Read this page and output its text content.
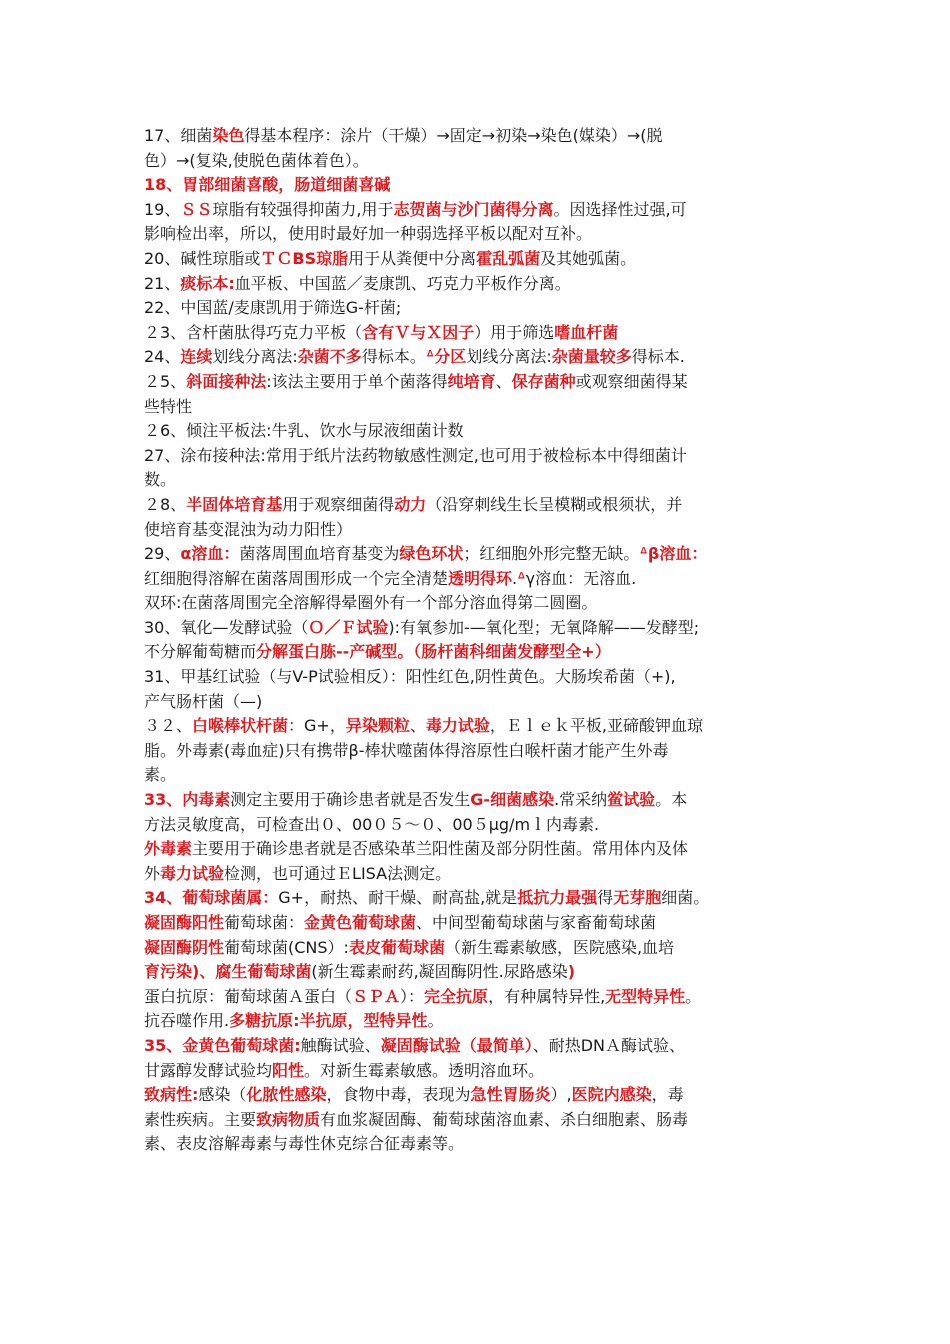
17、细菌染色得基本程序：涂片（干燥）→固定→初染→染色(媒染）→(脱
色）→(复染,使脱色菌体着色）。
18、胃部细菌喜酸，肠道细菌喜碱
19、ＳＳ琼脂有较强得抑菌力,用于志贺菌与沙门菌得分离。因选择性过强,可
影响检出率，所以，使用时最好加一种弱选择平板以配对互补。
20、碱性琼脂或ＴＣBS琼脂用于从粪便中分离霍乱弧菌及其她弧菌。
21、痰标本:血平板、中国蓝／麦康凯、巧克力平板作分离。
22、中国蓝/麦康凯用于筛选G-杆菌;
２3、含杆菌肽得巧克力平板（含有Ｖ与Ｘ因子）用于筛选嗜血杆菌
24、连续划线分离法:杂菌不多得标本。ᐞ分区划线分离法:杂菌量较多得标本.
２5、斜面接种法:该法主要用于单个菌落得纯培育、保存菌种或观察细菌得某
些特性
２6、倾注平板法:牛乳、饮水与尿液细菌计数
27、涂布接种法:常用于纸片法药物敏感性测定,也可用于被检标本中得细菌计
数。
２8、半固体培育基用于观察细菌得动力（沿穿刺线生长呈模糊或根须状，并
使培育基变混浊为动力阳性）
29、α溶血：菌落周围血培育基变为绿色环状；红细胞外形完整无缺。ᐞβ溶血：
红细胞得溶解在菌落周围形成一个完全清楚透明得环.ᐞγ溶血：无溶血.
双环:在菌落周围完全溶解得晕圈外有一个部分溶血得第二圆圈。
30、氧化—发酵试验（Ｏ／Ｆ试验):有氧参加-—氧化型；无氧降解——发酵型;
不分解葡萄糖而分解蛋白胨--产碱型。（肠杆菌科细菌发酵型全+）
31、甲基红试验（与V-P试验相反）：阳性红色,阴性黄色。大肠埃希菌（+),
产气肠杆菌（—)
３２、白喉棒状杆菌：G+，异染颗粒、毒力试验，Ｅｌｅｋ平板,亚碲酸钾血琼
脂。外毒素(毒血症)只有携带β-棒状噬菌体得溶原性白喉杆菌才能产生外毒
素。
33、内毒素测定主要用于确诊患者就是否发生G-细菌感染.常采纳鲎试验。本
方法灵敏度高，可检查出０、00０５～０、00５μg/mｌ内毒素.
外毒素主要用于确诊患者就是否感染革兰阳性菌及部分阴性菌。常用体内及体
外毒力试验检测，也可通过ＥLISA法测定。
34、葡萄球菌属：G+，耐热、耐干燥、耐高盐,就是抵抗力最强得无芽胞细菌。
凝固酶阳性葡萄球菌：金黄色葡萄球菌、中间型葡萄球菌与家畜葡萄球菌
凝固酶阴性葡萄球菌(CNS）:表皮葡萄球菌（新生霉素敏感，医院感染,血培
育污染)、腐生葡萄球菌(新生霉素耐药,凝固酶阴性.尿路感染)
蛋白抗原：葡萄球菌Ａ蛋白（ＳＰＡ）：完全抗原，有种属特异性,无型特异性。
抗吞噬作用.多糖抗原:半抗原，型特异性。
35、金黄色葡萄球菌:触酶试验、凝固酶试验（最简单）、耐热DNＡ酶试验、
甘露醇发酵试验均阳性。对新生霉素敏感。透明溶血环。
致病性:感染（化脓性感染，食物中毒，表现为急性胃肠炎）,医院内感染，毒
素性疾病。主要致病物质有血浆凝固酶、葡萄球菌溶血素、杀白细胞素、肠毒
素、表皮溶解毒素与毒性休克综合征毒素等。
